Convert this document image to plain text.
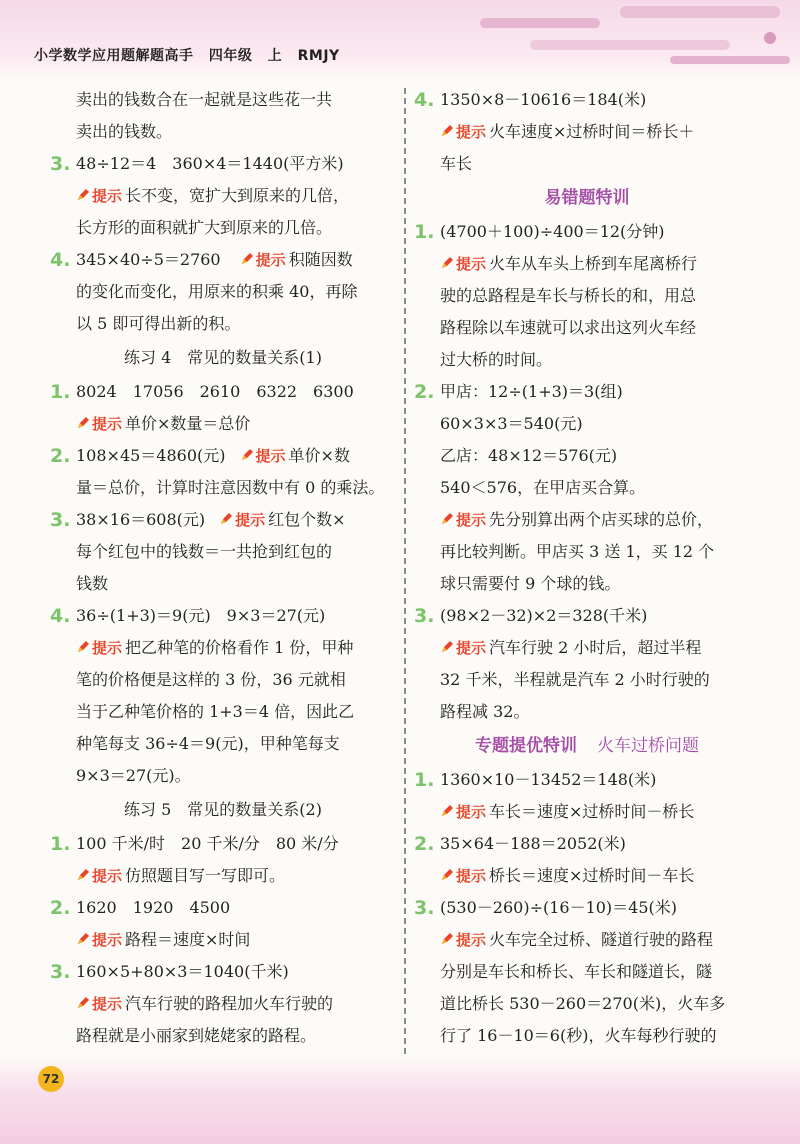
小学数学应用题解题高手 四年级 上 RMJY
72
卖出的钱数合在一起就是这些花一共
卖出的钱数。
3. 48÷12＝4　360×4＝1440(平方米)
提示 长不变，宽扩大到原来的几倍，
长方形的面积就扩大到原来的几倍。
4. 345×40÷5＝2760 提示 积随因数
的变化而变化，用原来的积乘 40，再除
以 5 即可得出新的积。
练习 4　常见的数量关系(1)
1. 8024　17056　2610　6322　6300
提示 单价×数量＝总价
2. 108×45＝4860(元) 提示 单价×数
量＝总价，计算时注意因数中有 0 的乘法。
3. 38×16＝608(元) 提示 红包个数×
每个红包中的钱数＝一共抢到红包的
钱数
4. 36÷(1+3)＝9(元)　9×3＝27(元)
提示 把乙种笔的价格看作 1 份，甲种
笔的价格便是这样的 3 份，36 元就相
当于乙种笔价格的 1+3＝4 倍，因此乙
种笔每支 36÷4＝9(元)，甲种笔每支
9×3＝27(元)。
练习 5　常见的数量关系(2)
1. 100 千米/时　20 千米/分　80 米/分
提示 仿照题目写一写即可。
2. 1620　1920　4500
提示 路程＝速度×时间
3. 160×5+80×3＝1040(千米)
提示 汽车行驶的路程加火车行驶的
路程就是小丽家到姥姥家的路程。
4. 1350×8－10616＝184(米)
提示 火车速度×过桥时间＝桥长＋
车长
易错题特训
1. (4700＋100)÷400＝12(分钟)
提示 火车从车头上桥到车尾离桥行
驶的总路程是车长与桥长的和，用总
路程除以车速就可以求出这列火车经
过大桥的时间。
2. 甲店：12÷(1+3)＝3(组)
60×3×3＝540(元)
乙店：48×12＝576(元)
540＜576，在甲店买合算。
提示 先分别算出两个店买球的总价，
再比较判断。甲店买 3 送 1，买 12 个
球只需要付 9 个球的钱。
3. (98×2－32)×2＝328(千米)
提示 汽车行驶 2 小时后，超过半程
32 千米，半程就是汽车 2 小时行驶的
路程减 32。
专题提优特训 火车过桥问题
1. 1360×10－13452＝148(米)
提示 车长＝速度×过桥时间－桥长
2. 35×64－188＝2052(米)
提示 桥长＝速度×过桥时间－车长
3. (530－260)÷(16－10)＝45(米)
提示 火车完全过桥、隧道行驶的路程
分别是车长和桥长、车长和隧道长，隧
道比桥长 530－260＝270(米)，火车多
行了 16－10＝6(秒)，火车每秒行驶的
